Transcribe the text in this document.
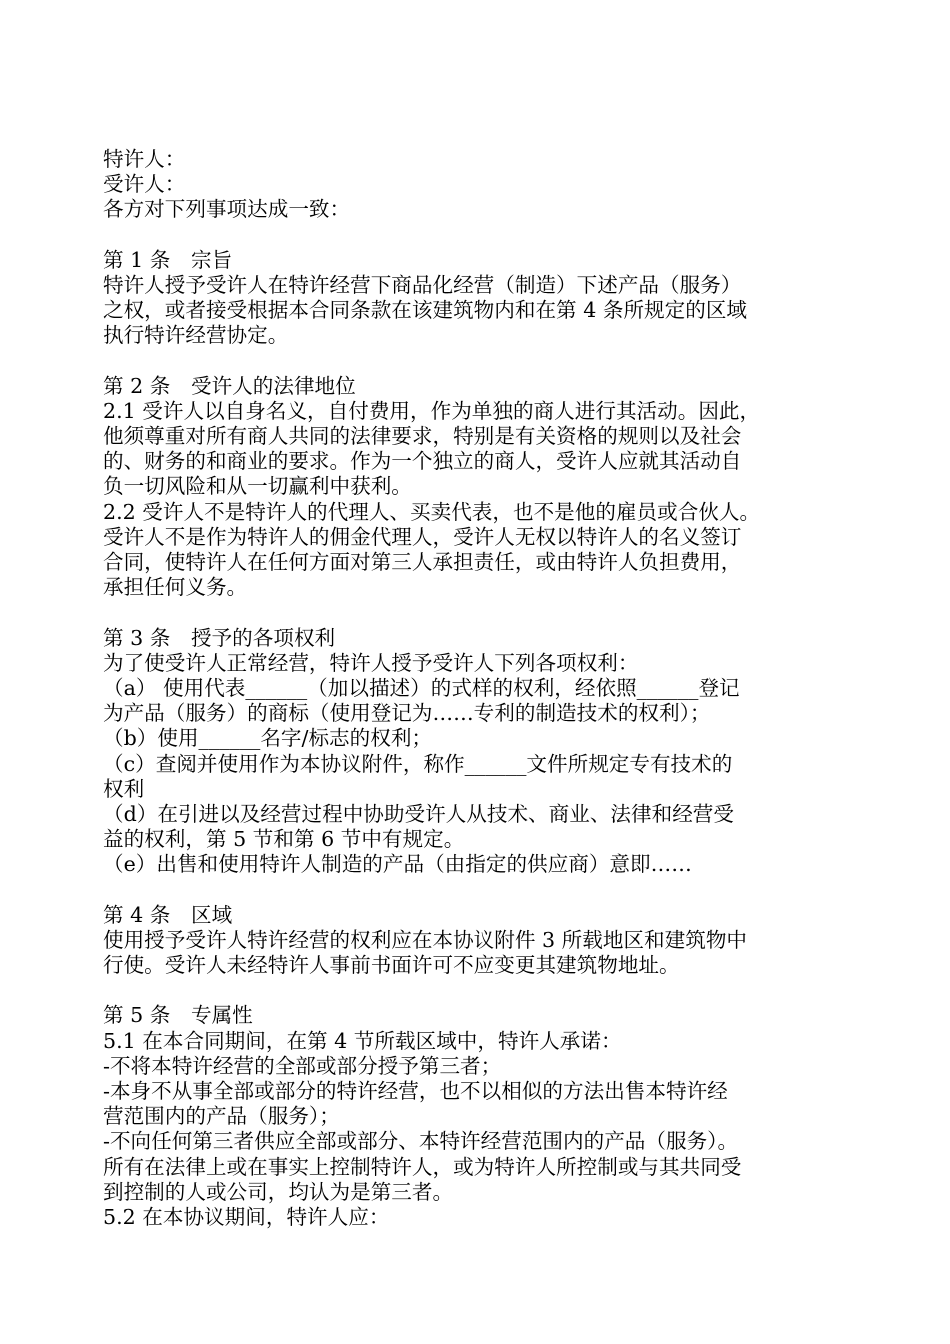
特许人：
受许人：
各方对下列事项达成一致：
第 1 条　宗旨
特许人授予受许人在特许经营下商品化经营（制造）下述产品（服务）
之权，或者接受根据本合同条款在该建筑物内和在第 4 条所规定的区域
执行特许经营协定。
第 2 条　受许人的法律地位
2.1 受许人以自身名义，自付费用，作为单独的商人进行其活动。因此，
他须尊重对所有商人共同的法律要求，特别是有关资格的规则以及社会
的、财务的和商业的要求。作为一个独立的商人，受许人应就其活动自
负一切风险和从一切赢利中获利。
2.2 受许人不是特许人的代理人、买卖代表，也不是他的雇员或合伙人。
受许人不是作为特许人的佣金代理人，受许人无权以特许人的名义签订
合同，使特许人在任何方面对第三人承担责任，或由特许人负担费用，
承担任何义务。
第 3 条　授予的各项权利
为了使受许人正常经营，特许人授予受许人下列各项权利：
（a） 使用代表______（加以描述）的式样的权利，经依照______登记
为产品（服务）的商标（使用登记为……专利的制造技术的权利）；
（b）使用______名字/标志的权利；
（c）查阅并使用作为本协议附件，称作______文件所规定专有技术的
权利
（d）在引进以及经营过程中协助受许人从技术、商业、法律和经营受
益的权利，第 5 节和第 6 节中有规定。
（e）出售和使用特许人制造的产品（由指定的供应商）意即……
第 4 条　区域
使用授予受许人特许经营的权利应在本协议附件 3 所载地区和建筑物中
行使。受许人未经特许人事前书面许可不应变更其建筑物地址。
第 5 条　专属性
5.1 在本合同期间，在第 4 节所载区域中，特许人承诺：
-不将本特许经营的全部或部分授予第三者；
-本身不从事全部或部分的特许经营，也不以相似的方法出售本特许经
营范围内的产品（服务）；
-不向任何第三者供应全部或部分、本特许经营范围内的产品（服务）。
所有在法律上或在事实上控制特许人，或为特许人所控制或与其共同受
到控制的人或公司，均认为是第三者。
5.2 在本协议期间，特许人应：
